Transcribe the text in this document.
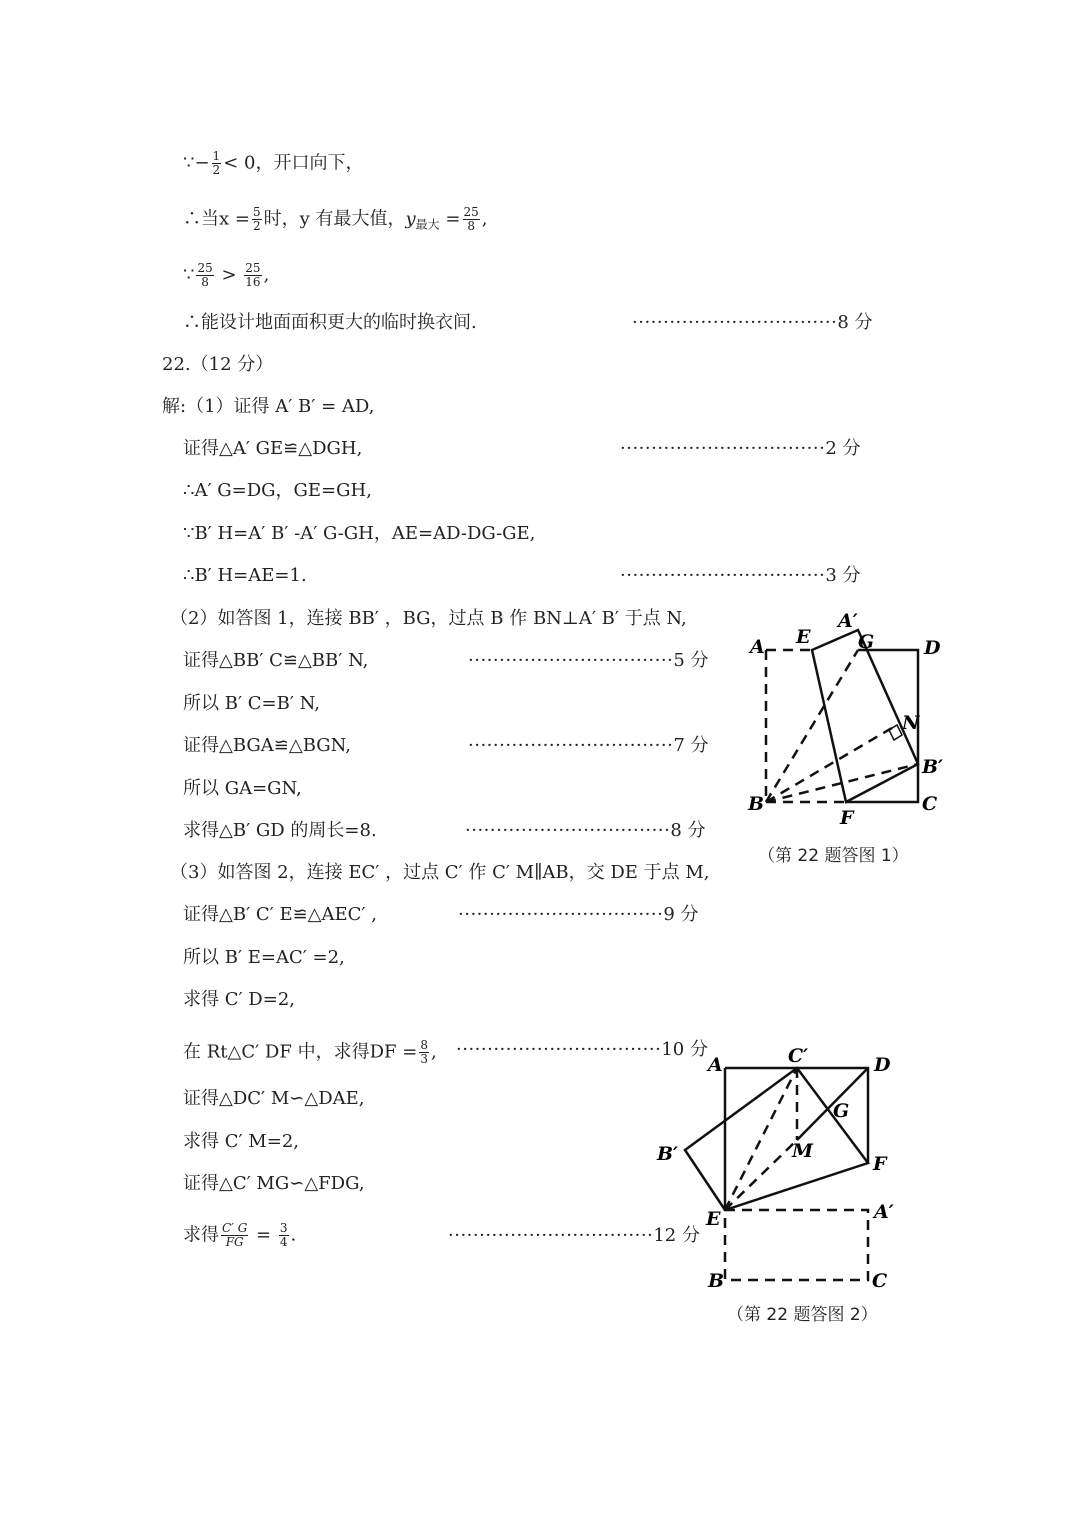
∵− $\frac{1}{2} < 0$，开口向下，
∴当$x = \frac{5}{2}$ 时，y 有最大值，$y_{最大} = \frac{25}{8}$ ,
∵ $\frac{25}{8} > \frac{25}{16}$ ,
∴能设计地面面积更大的临时换衣间.	·································8 分
22.（12 分）
解:（1）证得 A′ B′ = AD,
证得△A′ GE≌△DGH,	·································2 分
∴A′ G=DG，GE=GH,
∵B′ H=A′ B′ -A′ G-GH，AE=AD-DG-GE,
∴B′ H=AE=1.	·································3 分
（2）如答图 1，连接 BB′ ，BG，过点 B 作 BN⊥A′ B′ 于点 N,
证得△BB′ C≌△BB′ N,	·································5 分
所以 B′ C=B′ N,
证得△BGA≌△BGN,	·································7 分
所以 GA=GN,
求得△B′ GD 的周长=8.	·································8 分
（3）如答图 2，连接 EC′ ，过点 C′ 作 C′ M∥AB，交 DE 于点 M,
证得△B′ C′ E≌△AEC′ ,	·································9 分
所以 B′ E=AC′ =2,
求得 C′ D=2,
在 Rt△C′ DF 中，求得DF = $\frac{8}{3}$ , ·································10 分
证得△DC′ M∽△DAE,
求得 C′ M=2,
证得△C′ MG∽△FDG,
求得 $\frac{C' G}{FG} = \frac{3}{4}$ .	·································12 分
A E
A′
G	D
N
B′
B
F
C
A	C′	D
G
M
B′	F
E	A′
B	C
（第 22 题答图 1）
（第 22 题答图 2）
